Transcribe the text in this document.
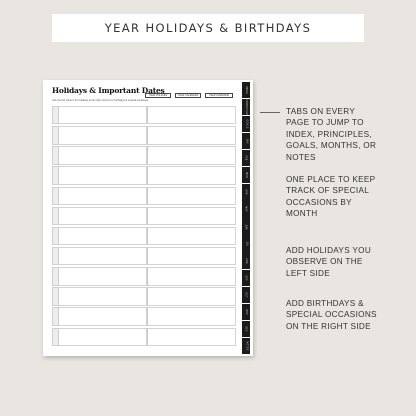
YEAR HOLIDAYS & BIRTHDAYS
Holidays & Important Dates
Use the left column for holidays & the right column for birthdays & special occasions
YEAR POLICIES	YEAR CALENDAR	YEAR OVERVIEW
INDEX
PRINCIPLES
GOALS
JAN
FEB
MAR
APR
MAY
JUN
JUL
AUG
SEP
OCT
NOV
DEC
NOTES
TABS ON EVERY PAGE TO JUMP TO INDEX, PRINCIPLES, GOALS, MONTHS, OR NOTES
ONE PLACE TO KEEP TRACK OF SPECIAL OCCASIONS BY MONTH
ADD HOLIDAYS YOU OBSERVE ON THE LEFT SIDE
ADD BIRTHDAYS & SPECIAL OCCASIONS ON THE RIGHT SIDE
